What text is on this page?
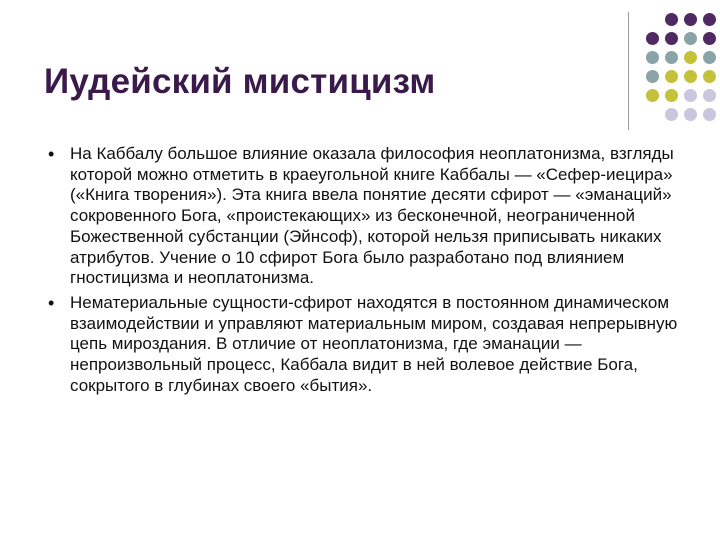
Иудейский мистицизм
• На Каббалу большое влияние оказала философия неоплатонизма, взгляды которой можно отметить в краеугольной книге Каббалы — «Сефер-иецира» («Книга творения»). Эта книга ввела понятие десяти сфирот — «эманаций» сокровенного Бога, «проистекающих» из бесконечной, неограниченной Божественной субстанции (Эйнсоф), которой нельзя приписывать никаких атрибутов. Учение о 10 сфирот Бога было разработано под влиянием гностицизма и неоплатонизма.

• Нематериальные сущности-сфирот находятся в постоянном динамическом взаимодействии и управляют материальным миром, создавая непрерывную цепь мироздания. В отличие от неоплатонизма, где эманации — непроизвольный процесс, Каббала видит в ней волевое действие Бога, сокрытого в глубинах своего «бытия».
